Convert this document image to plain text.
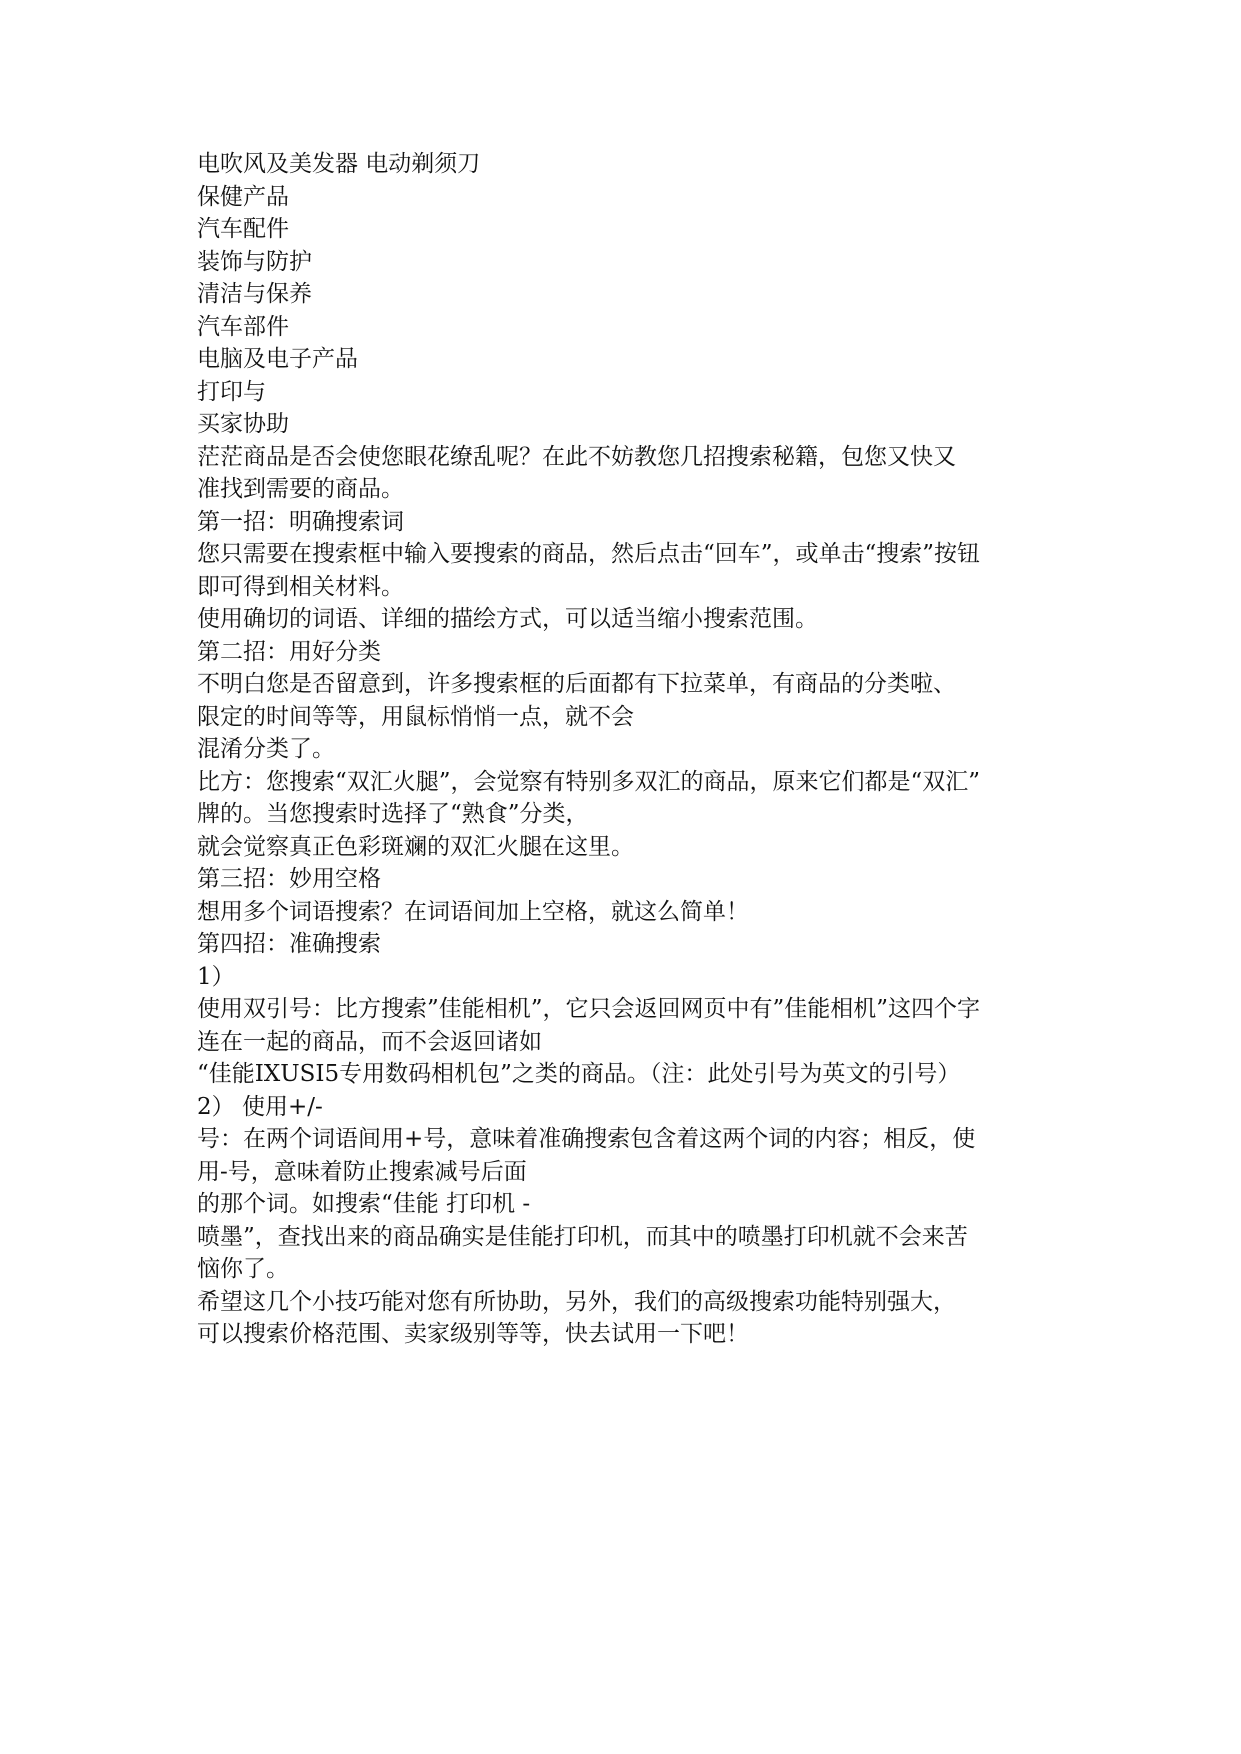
电吹风及美发器 电动剃须刀
保健产品
汽车配件
装饰与防护
清洁与保养
汽车部件
电脑及电子产品
打印与
买家协助
茫茫商品是否会使您眼花缭乱呢？在此不妨教您几招搜索秘籍，包您又快又
准找到需要的商品。
第一招：明确搜索词
您只需要在搜索框中输入要搜索的商品，然后点击“回车”，或单击“搜索”按钮
即可得到相关材料。
使用确切的词语、详细的描绘方式，可以适当缩小搜索范围。
第二招：用好分类
不明白您是否留意到，许多搜索框的后面都有下拉菜单，有商品的分类啦、
限定的时间等等，用鼠标悄悄一点，就不会
混淆分类了。
比方：您搜索“双汇火腿”，会觉察有特别多双汇的商品，原来它们都是“双汇”
牌的。当您搜索时选择了“熟食”分类，
就会觉察真正色彩斑斓的双汇火腿在这里。
第三招：妙用空格
想用多个词语搜索？在词语间加上空格，就这么简单！
第四招：准确搜索
1）
使用双引号：比方搜索”佳能相机”，它只会返回网页中有”佳能相机”这四个字
连在一起的商品，而不会返回诸如
“佳能IXUSI5专用数码相机包”之类的商品。（注：此处引号为英文的引号）
2） 使用+/-
号：在两个词语间用+号，意味着准确搜索包含着这两个词的内容；相反，使
用-号，意味着防止搜索减号后面
的那个词。如搜索“佳能 打印机 -
喷墨”，查找出来的商品确实是佳能打印机，而其中的喷墨打印机就不会来苦
恼你了。
希望这几个小技巧能对您有所协助，另外，我们的高级搜索功能特别强大，
可以搜索价格范围、卖家级别等等，快去试用一下吧！
